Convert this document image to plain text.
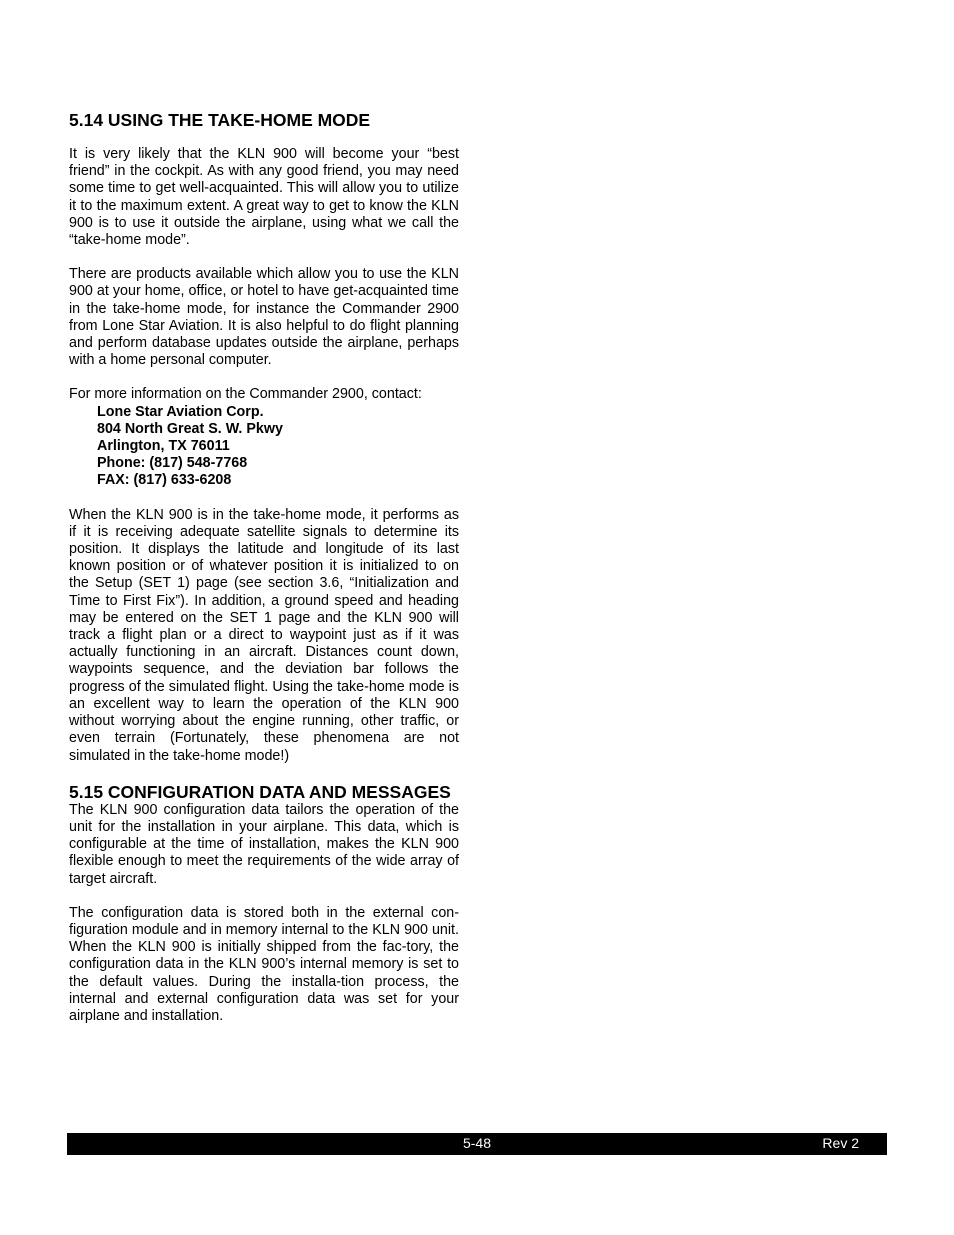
5.14 USING THE TAKE-HOME MODE

It is very likely that the KLN 900 will become your “best friend” in the cockpit. As with any good friend, you may need some time to get well-acquainted. This will allow you to utilize it to the maximum extent. A great way to get to know the KLN 900 is to use it outside the airplane, using what we call the “take-home mode”.

There are products available which allow you to use the KLN 900 at your home, office, or hotel to have get-acquainted time in the take-home mode, for instance the Commander 2900 from Lone Star Aviation. It is also helpful to do flight planning and perform database updates outside the airplane, perhaps with a home personal computer.

For more information on the Commander 2900, contact:

Lone Star Aviation Corp.
804 North Great S. W. Pkwy
Arlington, TX 76011
Phone: (817) 548-7768
FAX: (817) 633-6208

When the KLN 900 is in the take-home mode, it performs as if it is receiving adequate satellite signals to determine its position. It displays the latitude and longitude of its last known position or of whatever position it is initialized to on the Setup (SET 1) page (see section 3.6, “Initialization and Time to First Fix”). In addition, a ground speed and heading may be entered on the SET 1 page and the KLN 900 will track a flight plan or a direct to waypoint just as if it was actually functioning in an aircraft. Distances count down, waypoints sequence, and the deviation bar follows the progress of the simulated flight. Using the take-home mode is an excellent way to learn the operation of the KLN 900 without worrying about the engine running, other traffic, or even terrain (Fortunately, these phenomena are not simulated in the take-home mode!)

5.15 CONFIGURATION DATA AND MESSAGES

The KLN 900 configuration data tailors the operation of the unit for the installation in your airplane. This data, which is configurable at the time of installation, makes the KLN 900 flexible enough to meet the requirements of the wide array of target aircraft.

The configuration data is stored both in the external con-figuration module and in memory internal to the KLN 900 unit. When the KLN 900 is initially shipped from the fac-tory, the configuration data in the KLN 900’s internal memory is set to the default values. During the installa-tion process, the internal and external configuration data was set for your airplane and installation.

5-48	Rev 2
